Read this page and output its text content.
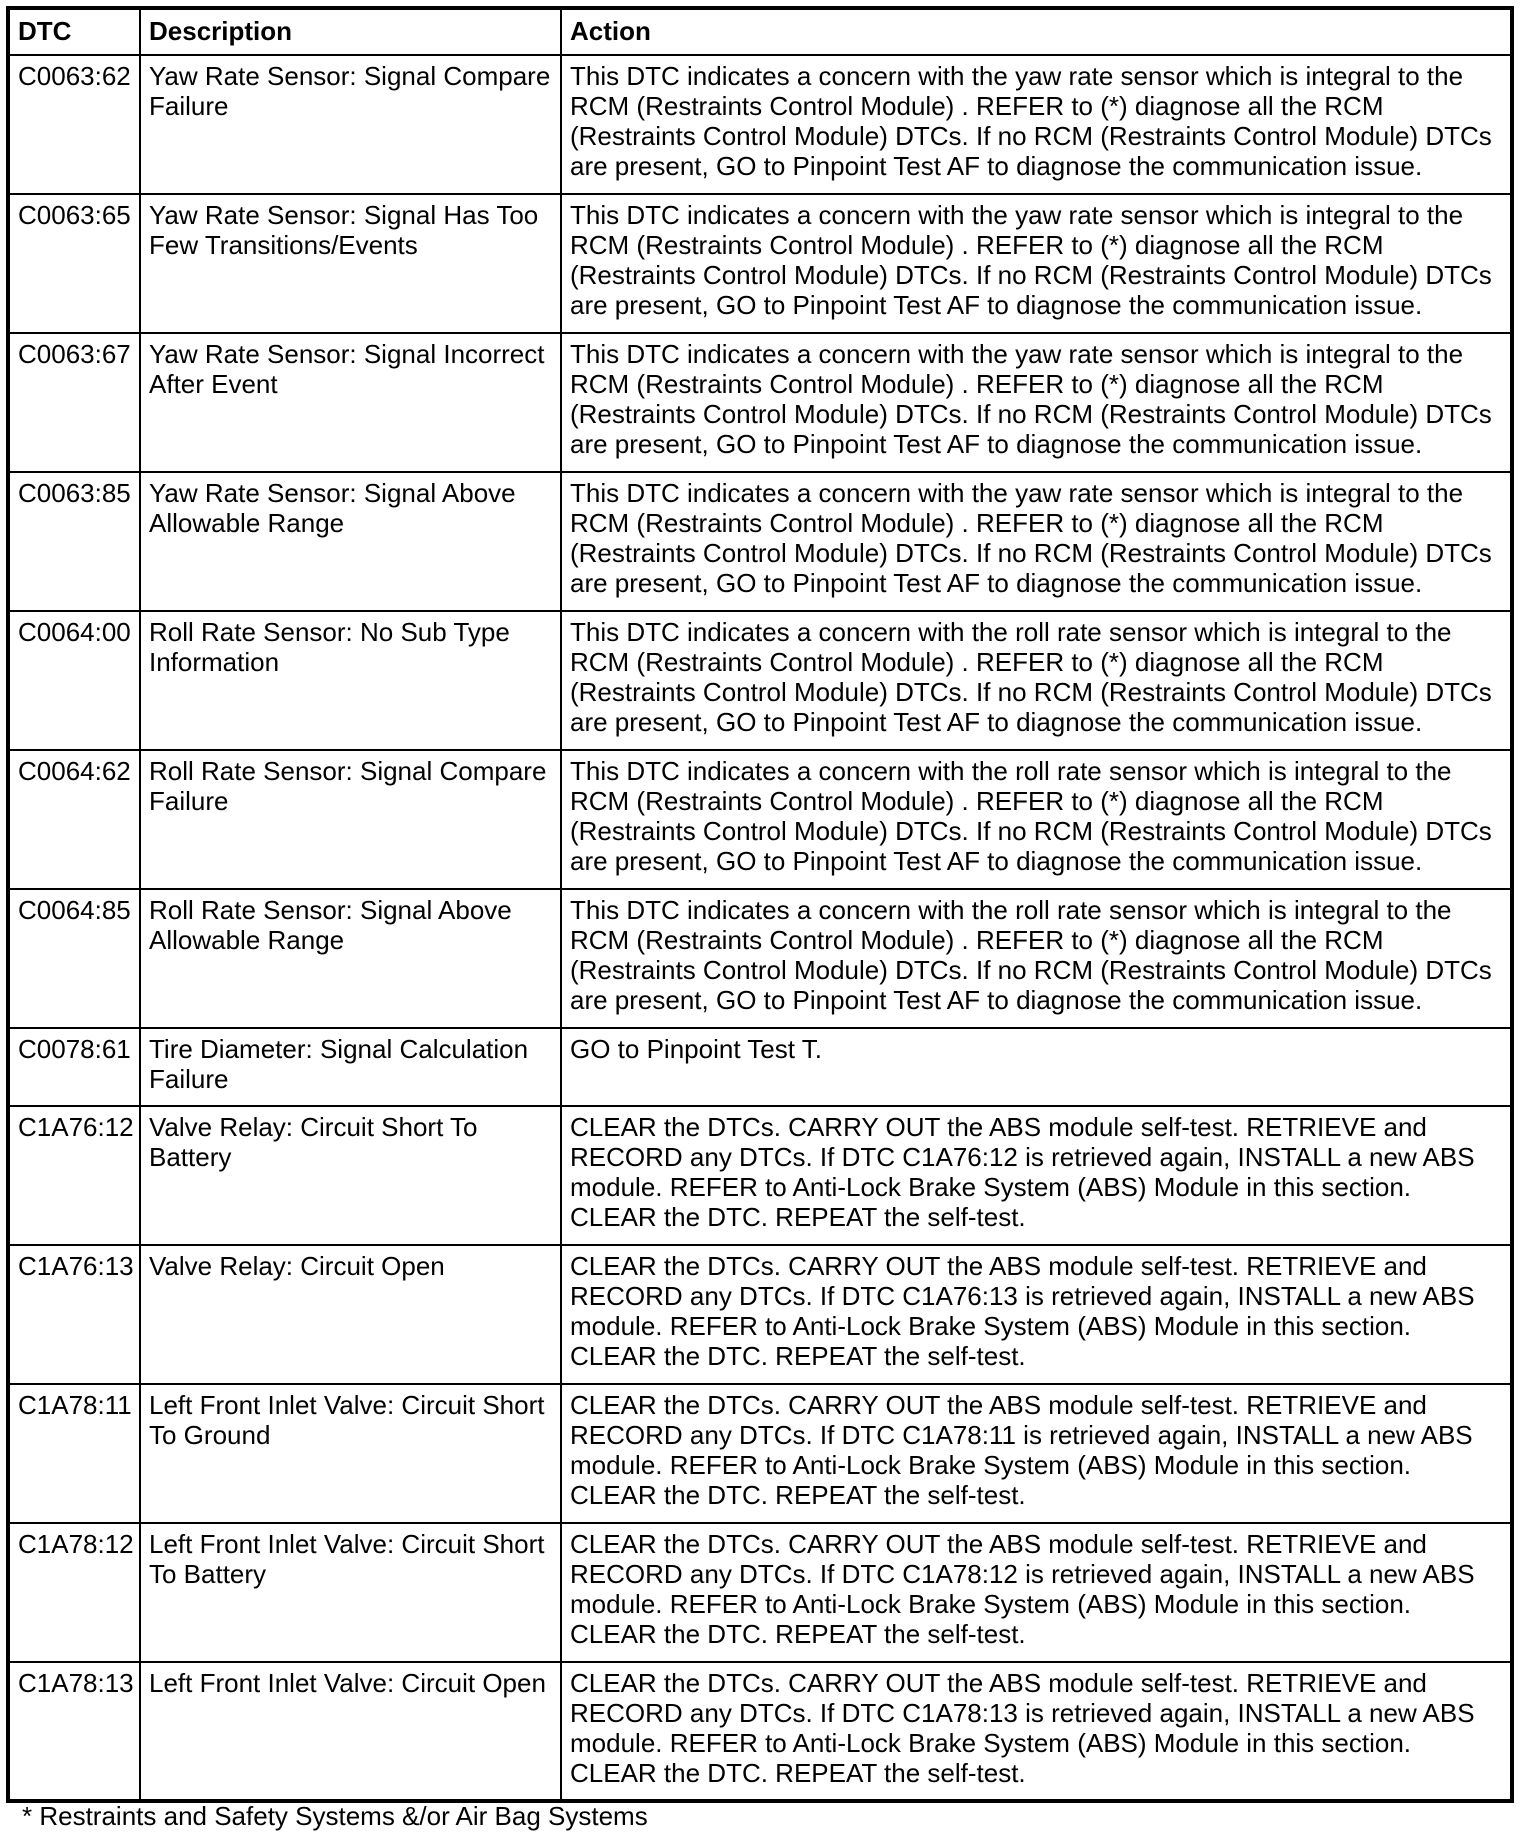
DTC	Description	Action
C0063:62	Yaw Rate Sensor: Signal Compare Failure	This DTC indicates a concern with the yaw rate sensor which is integral to the RCM (Restraints Control Module) . REFER to (*) diagnose all the RCM (Restraints Control Module) DTCs. If no RCM (Restraints Control Module) DTCs are present, GO to Pinpoint Test AF to diagnose the communication issue.
C0063:65	Yaw Rate Sensor: Signal Has Too Few Transitions/Events	This DTC indicates a concern with the yaw rate sensor which is integral to the RCM (Restraints Control Module) . REFER to (*) diagnose all the RCM (Restraints Control Module) DTCs. If no RCM (Restraints Control Module) DTCs are present, GO to Pinpoint Test AF to diagnose the communication issue.
C0063:67	Yaw Rate Sensor: Signal Incorrect After Event	This DTC indicates a concern with the yaw rate sensor which is integral to the RCM (Restraints Control Module) . REFER to (*) diagnose all the RCM (Restraints Control Module) DTCs. If no RCM (Restraints Control Module) DTCs are present, GO to Pinpoint Test AF to diagnose the communication issue.
C0063:85	Yaw Rate Sensor: Signal Above Allowable Range	This DTC indicates a concern with the yaw rate sensor which is integral to the RCM (Restraints Control Module) . REFER to (*) diagnose all the RCM (Restraints Control Module) DTCs. If no RCM (Restraints Control Module) DTCs are present, GO to Pinpoint Test AF to diagnose the communication issue.
C0064:00	Roll Rate Sensor: No Sub Type Information	This DTC indicates a concern with the roll rate sensor which is integral to the RCM (Restraints Control Module) . REFER to (*) diagnose all the RCM (Restraints Control Module) DTCs. If no RCM (Restraints Control Module) DTCs are present, GO to Pinpoint Test AF to diagnose the communication issue.
C0064:62	Roll Rate Sensor: Signal Compare Failure	This DTC indicates a concern with the roll rate sensor which is integral to the RCM (Restraints Control Module) . REFER to (*) diagnose all the RCM (Restraints Control Module) DTCs. If no RCM (Restraints Control Module) DTCs are present, GO to Pinpoint Test AF to diagnose the communication issue.
C0064:85	Roll Rate Sensor: Signal Above Allowable Range	This DTC indicates a concern with the roll rate sensor which is integral to the RCM (Restraints Control Module) . REFER to (*) diagnose all the RCM (Restraints Control Module) DTCs. If no RCM (Restraints Control Module) DTCs are present, GO to Pinpoint Test AF to diagnose the communication issue.
C0078:61	Tire Diameter: Signal Calculation Failure	GO to Pinpoint Test T.
C1A76:12	Valve Relay: Circuit Short To Battery	CLEAR the DTCs. CARRY OUT the ABS module self-test. RETRIEVE and RECORD any DTCs. If DTC C1A76:12 is retrieved again, INSTALL a new ABS module. REFER to Anti-Lock Brake System (ABS) Module in this section. CLEAR the DTC. REPEAT the self-test.
C1A76:13	Valve Relay: Circuit Open	CLEAR the DTCs. CARRY OUT the ABS module self-test. RETRIEVE and RECORD any DTCs. If DTC C1A76:13 is retrieved again, INSTALL a new ABS module. REFER to Anti-Lock Brake System (ABS) Module in this section. CLEAR the DTC. REPEAT the self-test.
C1A78:11	Left Front Inlet Valve: Circuit Short To Ground	CLEAR the DTCs. CARRY OUT the ABS module self-test. RETRIEVE and RECORD any DTCs. If DTC C1A78:11 is retrieved again, INSTALL a new ABS module. REFER to Anti-Lock Brake System (ABS) Module in this section. CLEAR the DTC. REPEAT the self-test.
C1A78:12	Left Front Inlet Valve: Circuit Short To Battery	CLEAR the DTCs. CARRY OUT the ABS module self-test. RETRIEVE and RECORD any DTCs. If DTC C1A78:12 is retrieved again, INSTALL a new ABS module. REFER to Anti-Lock Brake System (ABS) Module in this section. CLEAR the DTC. REPEAT the self-test.
C1A78:13	Left Front Inlet Valve: Circuit Open	CLEAR the DTCs. CARRY OUT the ABS module self-test. RETRIEVE and RECORD any DTCs. If DTC C1A78:13 is retrieved again, INSTALL a new ABS module. REFER to Anti-Lock Brake System (ABS) Module in this section. CLEAR the DTC. REPEAT the self-test.
* Restraints and Safety Systems &/or Air Bag Systems
